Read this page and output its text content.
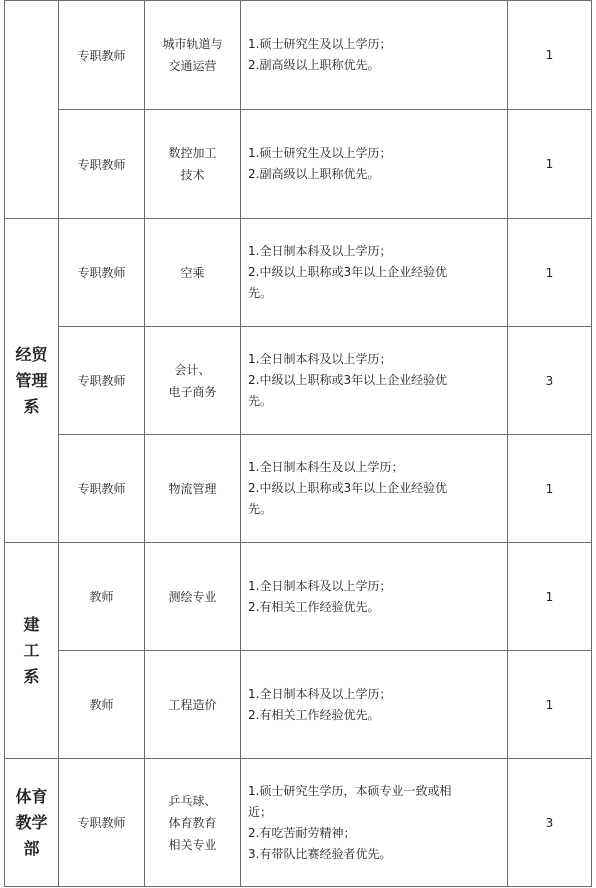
	专职教师	城市轨道与
交通运营	1.硕士研究生及以上学历；
2.副高级以上职称优先。	1
	专职教师	数控加工
技术	1.硕士研究生及以上学历；
2.副高级以上职称优先。	1

经贸
管理
系	专职教师	空乘	1.全日制本科及以上学历；
2.中级以上职称或3年以上企业经验优
先。	1
	专职教师	会计、
电子商务	1.全日制本科及以上学历；
2.中级以上职称或3年以上企业经验优
先。	3
	专职教师	物流管理	1.全日制本科生及以上学历；
2.中级以上职称或3年以上企业经验优
先。	1

建
工
系	教师	测绘专业	1.全日制本科及以上学历；
2.有相关工作经验优先。	1
	教师	工程造价	1.全日制本科及以上学历；
2.有相关工作经验优先。	1

体育
教学
部	专职教师	乒乓球、
体育教育
相关专业	1.硕士研究生学历，本硕专业一致或相
近；
2.有吃苦耐劳精神；
3.有带队比赛经验者优先。	3
